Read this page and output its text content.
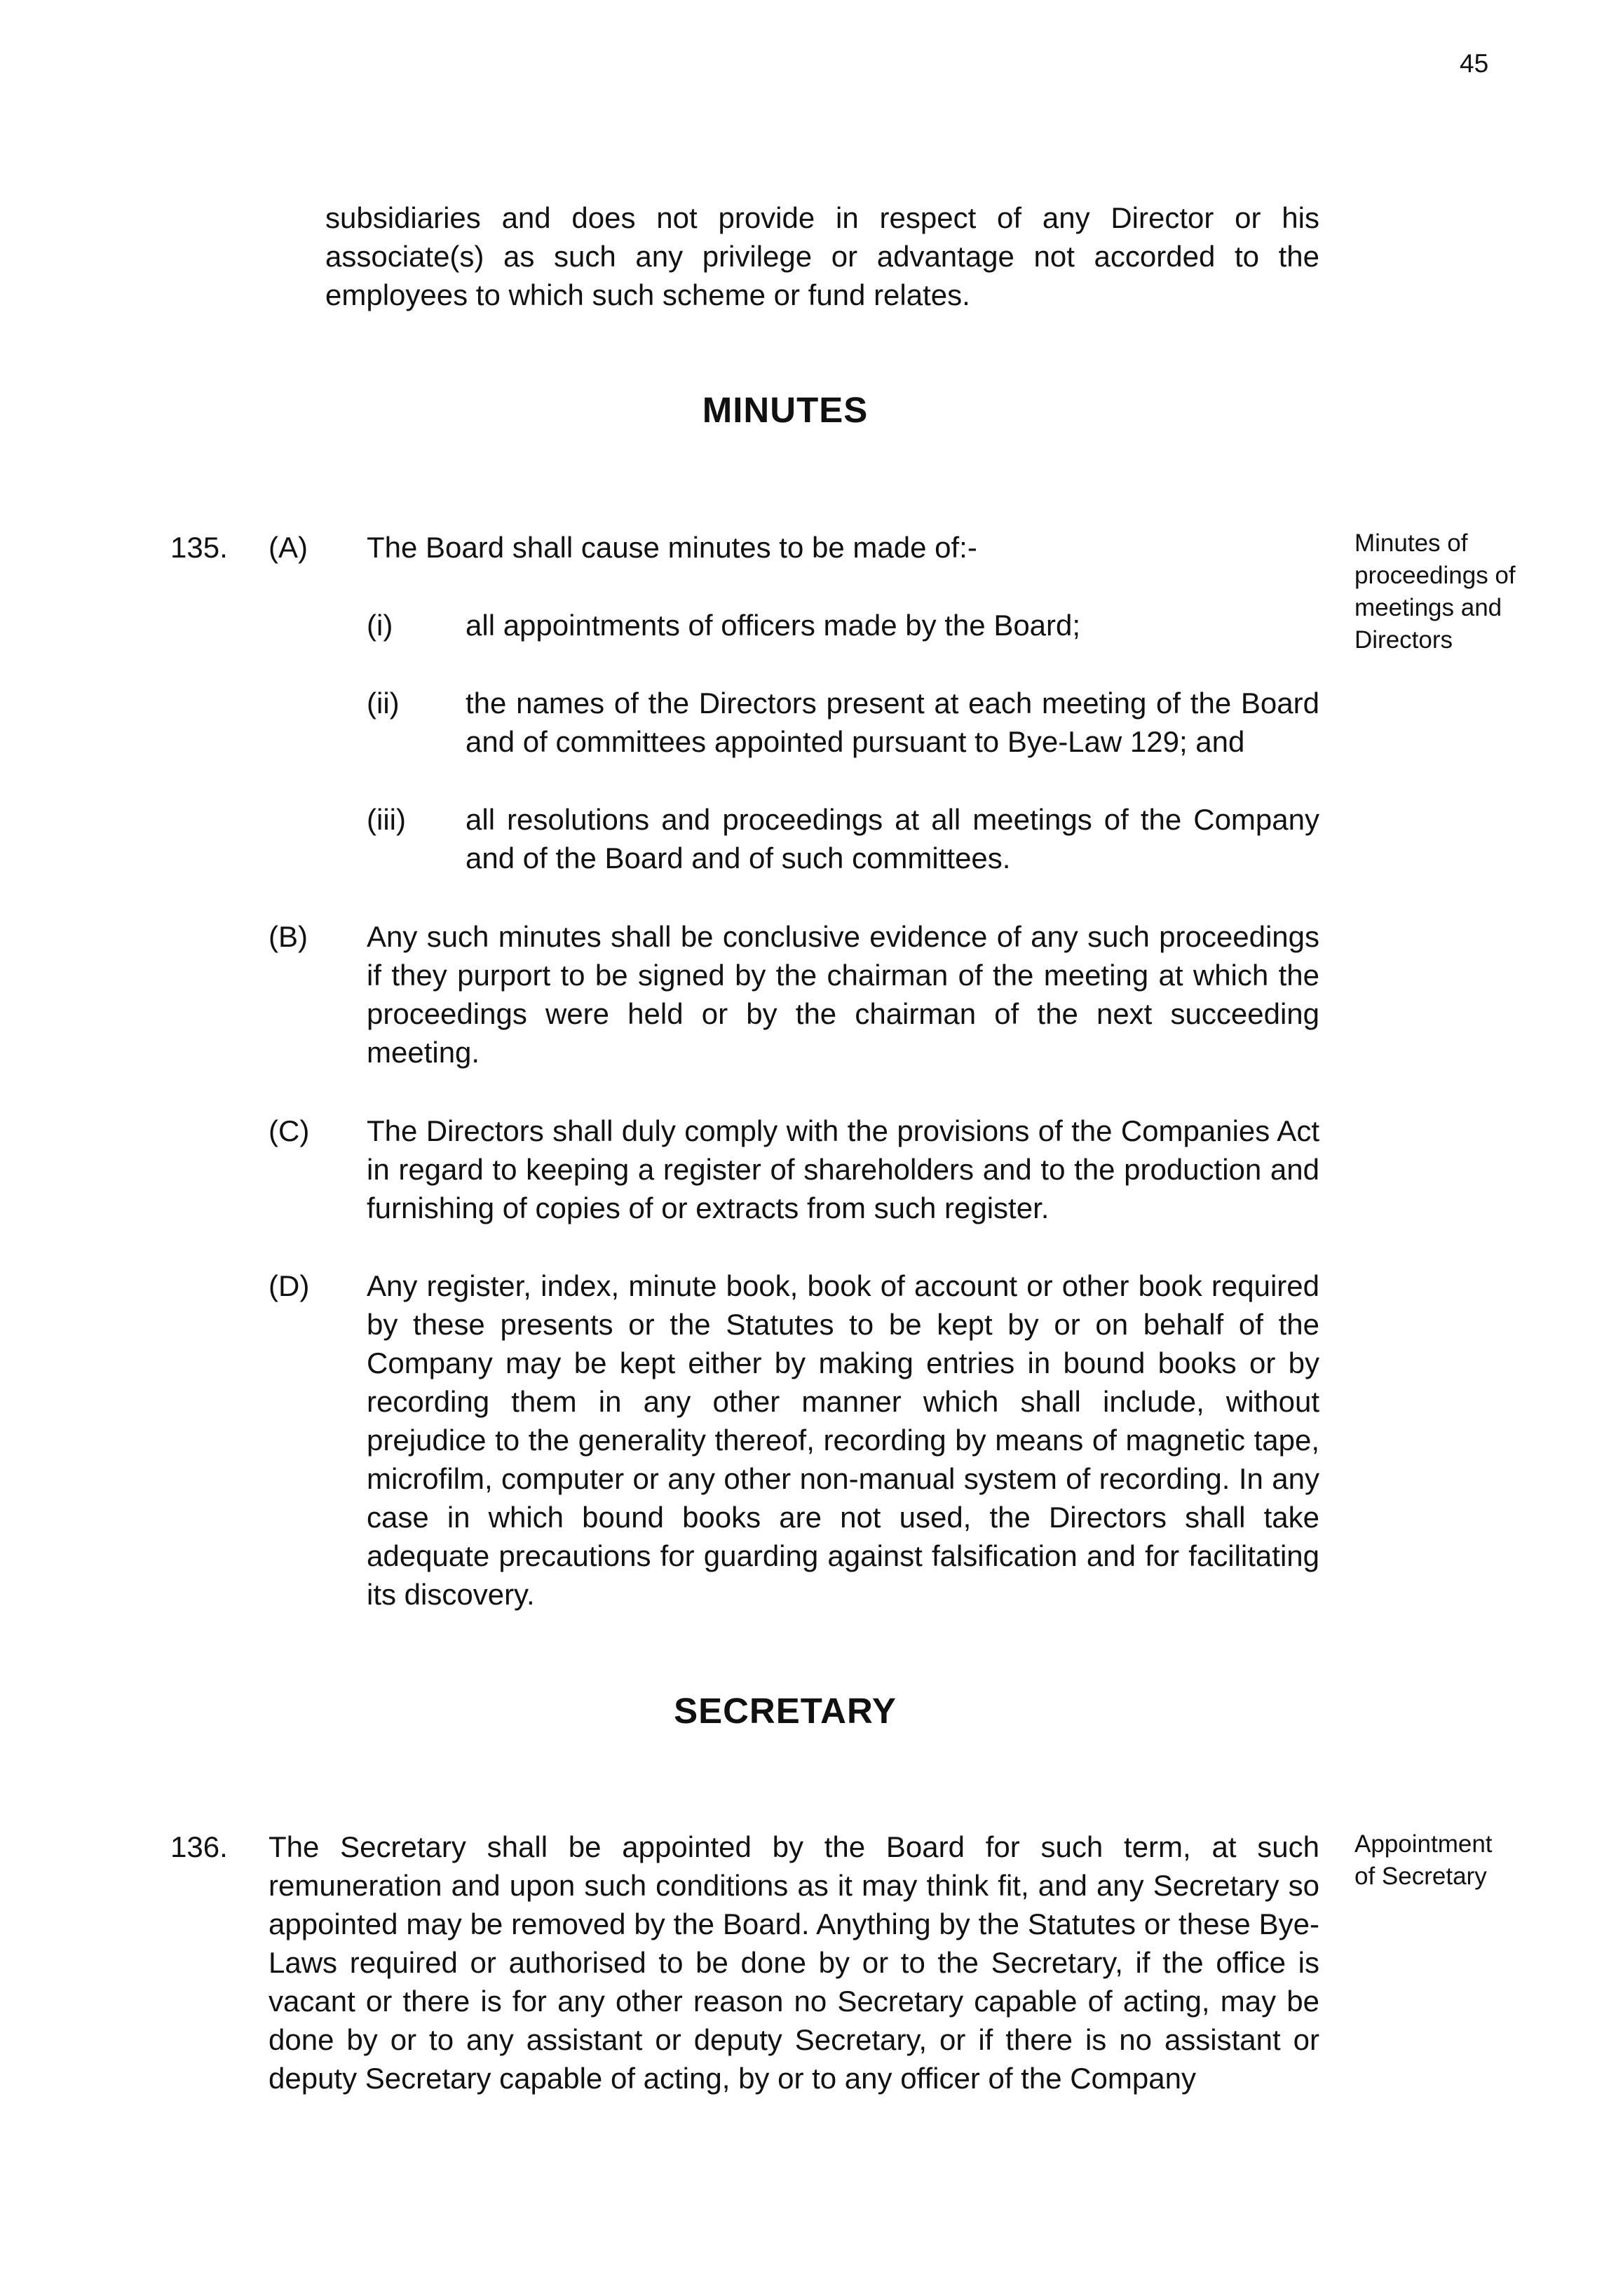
45
subsidiaries and does not provide in respect of any Director or his associate(s) as such any privilege or advantage not accorded to the employees to which such scheme or fund relates.
MINUTES
135. (A) The Board shall cause minutes to be made of:-	Minutes of proceedings of meetings and Directors
(i) all appointments of officers made by the Board;
(ii) the names of the Directors present at each meeting of the Board and of committees appointed pursuant to Bye-Law 129; and
(iii) all resolutions and proceedings at all meetings of the Company and of the Board and of such committees.
(B) Any such minutes shall be conclusive evidence of any such proceedings if they purport to be signed by the chairman of the meeting at which the proceedings were held or by the chairman of the next succeeding meeting.
(C) The Directors shall duly comply with the provisions of the Companies Act in regard to keeping a register of shareholders and to the production and furnishing of copies of or extracts from such register.
(D) Any register, index, minute book, book of account or other book required by these presents or the Statutes to be kept by or on behalf of the Company may be kept either by making entries in bound books or by recording them in any other manner which shall include, without prejudice to the generality thereof, recording by means of magnetic tape, microfilm, computer or any other non-manual system of recording. In any case in which bound books are not used, the Directors shall take adequate precautions for guarding against falsification and for facilitating its discovery.
SECRETARY
136. The Secretary shall be appointed by the Board for such term, at such remuneration and upon such conditions as it may think fit, and any Secretary so appointed may be removed by the Board. Anything by the Statutes or these Bye-Laws required or authorised to be done by or to the Secretary, if the office is vacant or there is for any other reason no Secretary capable of acting, may be done by or to any assistant or deputy Secretary, or if there is no assistant or deputy Secretary capable of acting, by or to any officer of the Company
Appointment of Secretary
